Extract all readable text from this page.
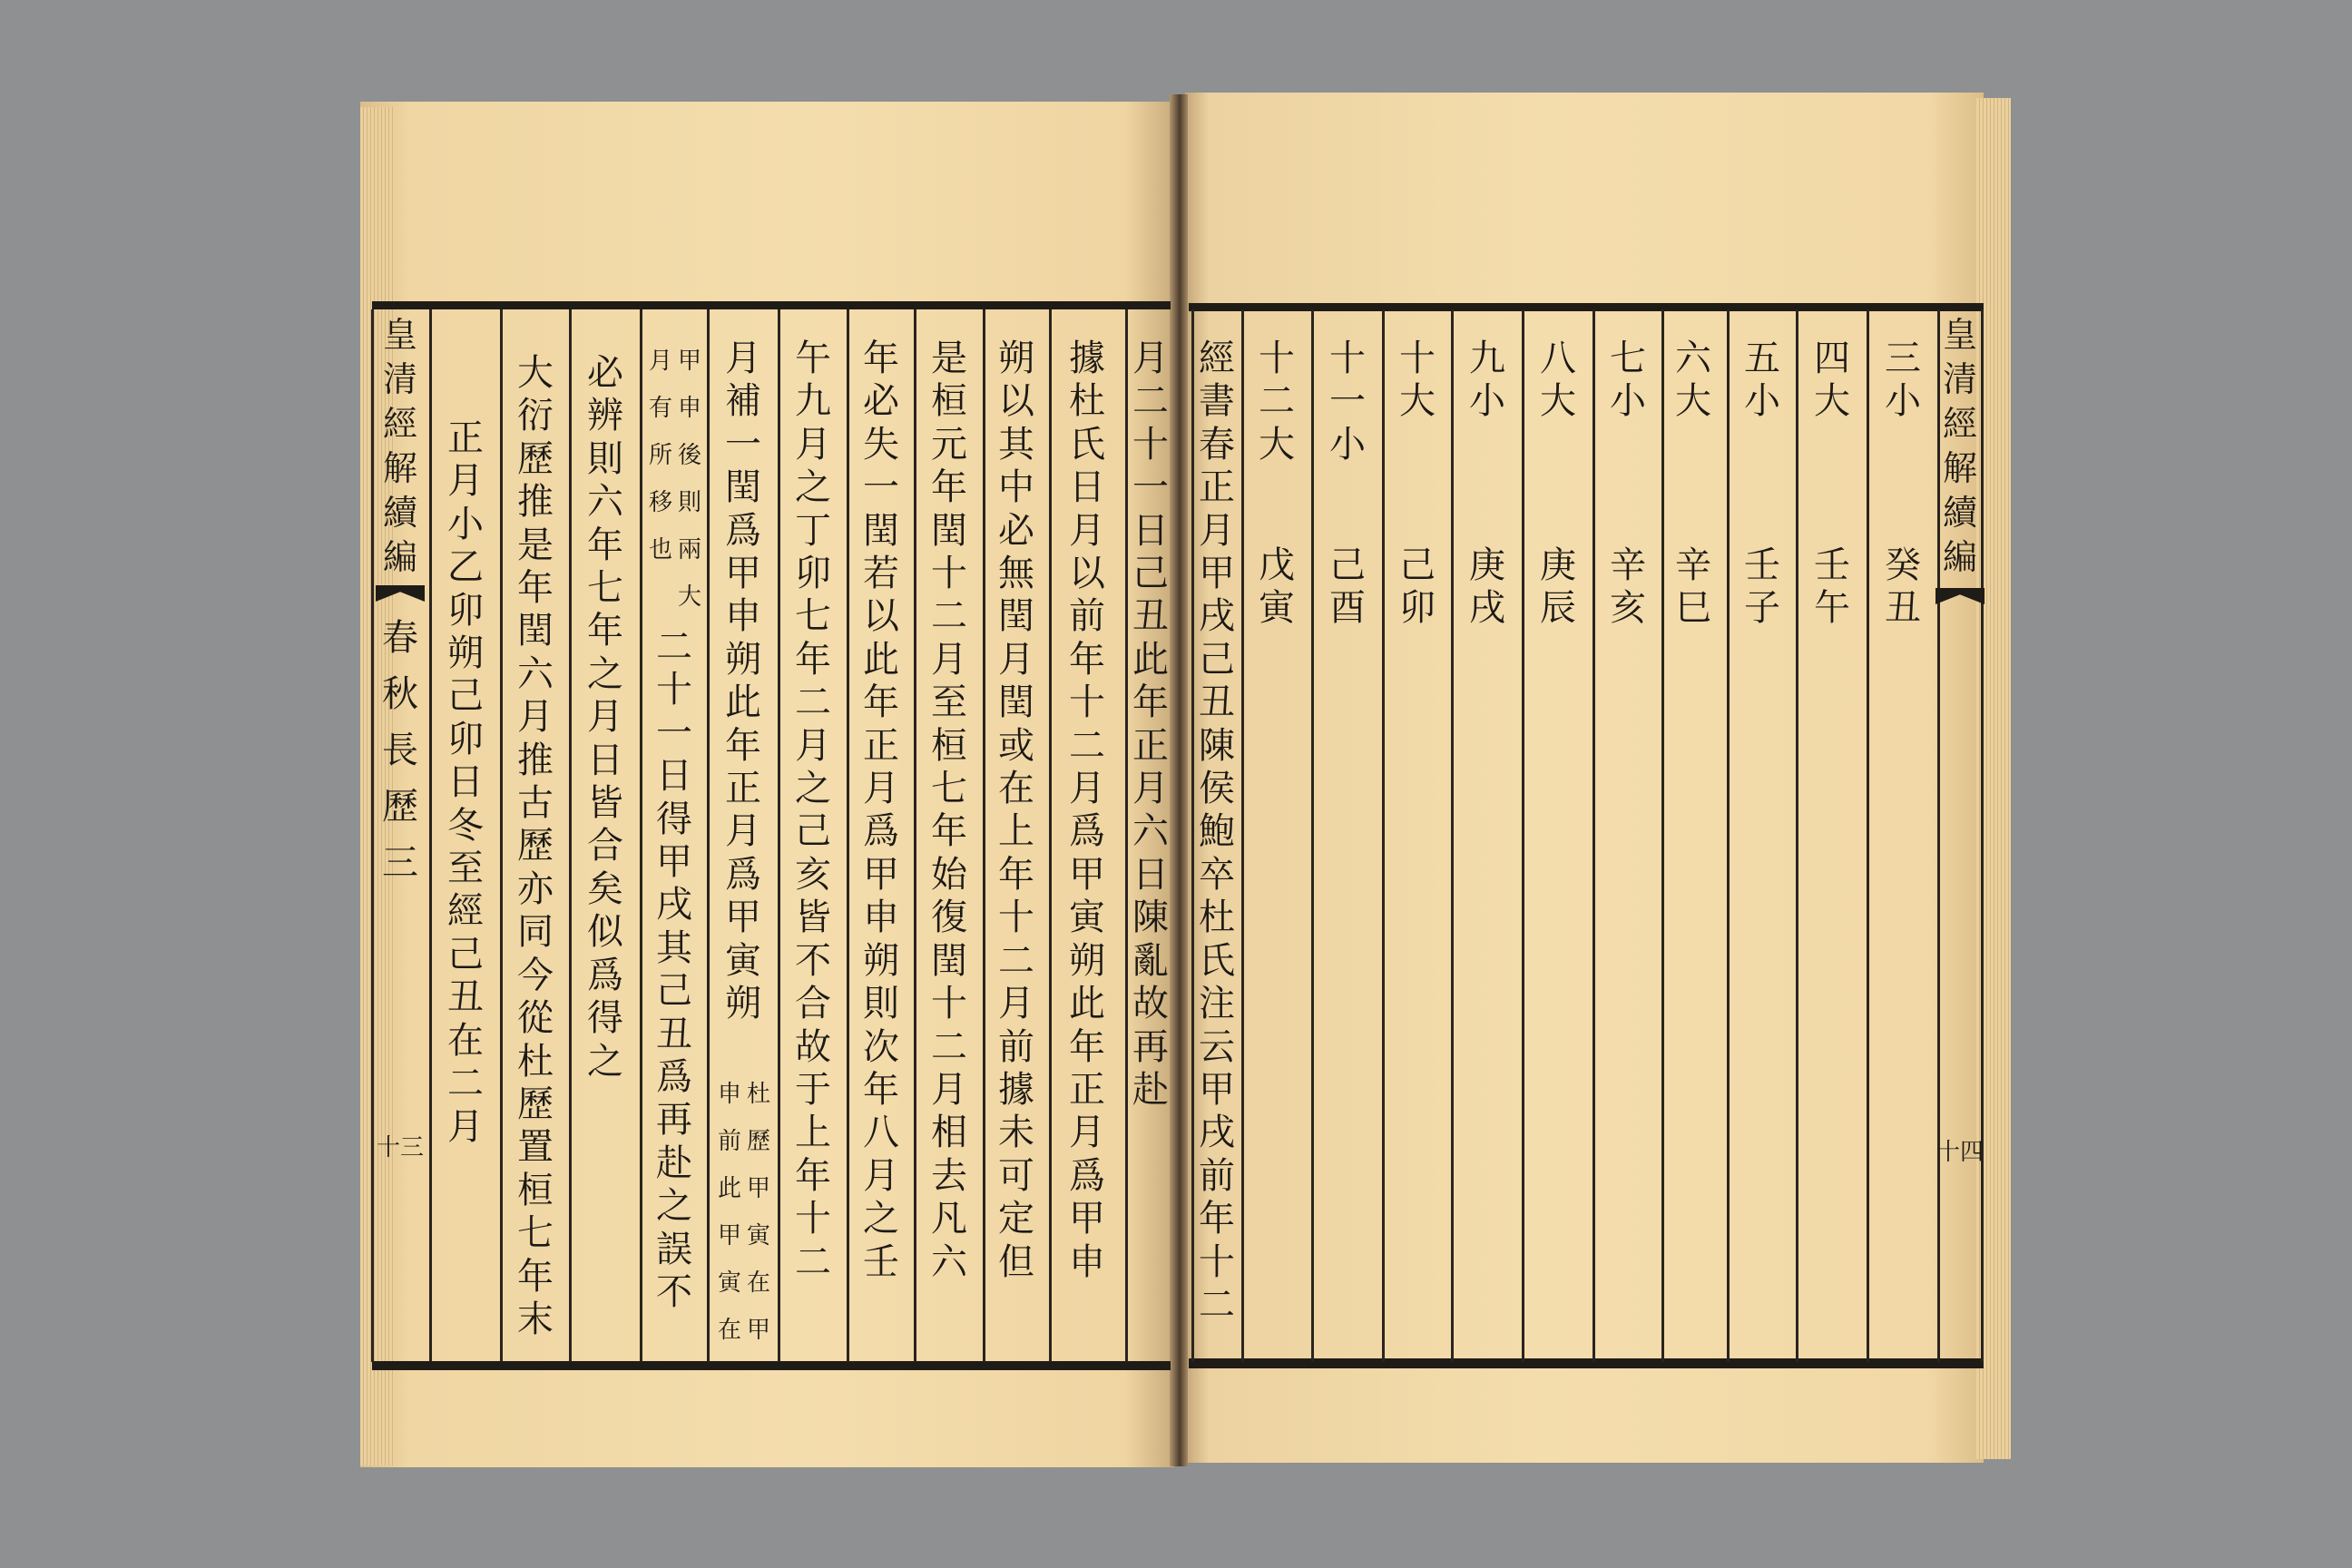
皇清經解續編
春秋長歷三
十三
月二十一日己丑此年正月六日陳亂故再赴
據杜氏日月以前年十二月爲甲寅朔此年正月爲甲申
朔以其中必無閏月閏或在上年十二月前據未可定但
是桓元年閏十二月至桓七年始復閏十二月相去凡六
年必失一閏若以此年正月爲甲申朔則次年八月之壬
午九月之丁卯七年二月之己亥皆不合故于上年十二
月補一閏爲甲申朔此年正月爲甲寅朔
杜歷甲寅在甲
申前此甲寅在
甲申後則兩大
月有所移也
二十一日得甲戌其己丑爲再赴之誤不
必辨則六年七年之月日皆合矣似爲得之
大衍歷推是年閏六月推古歷亦同今從杜歷置桓七年末
正月小乙卯朔己卯日冬至經己丑在二月
皇清經解續編
十四
三小
癸丑
四大
壬午
五小
壬子
六大
辛巳
七小
辛亥
八大
庚辰
九小
庚戌
十大
己卯
十一小
己酉
十二大
戊寅
經書春正月甲戌己丑陳侯鮑卒杜氏注云甲戌前年十二
